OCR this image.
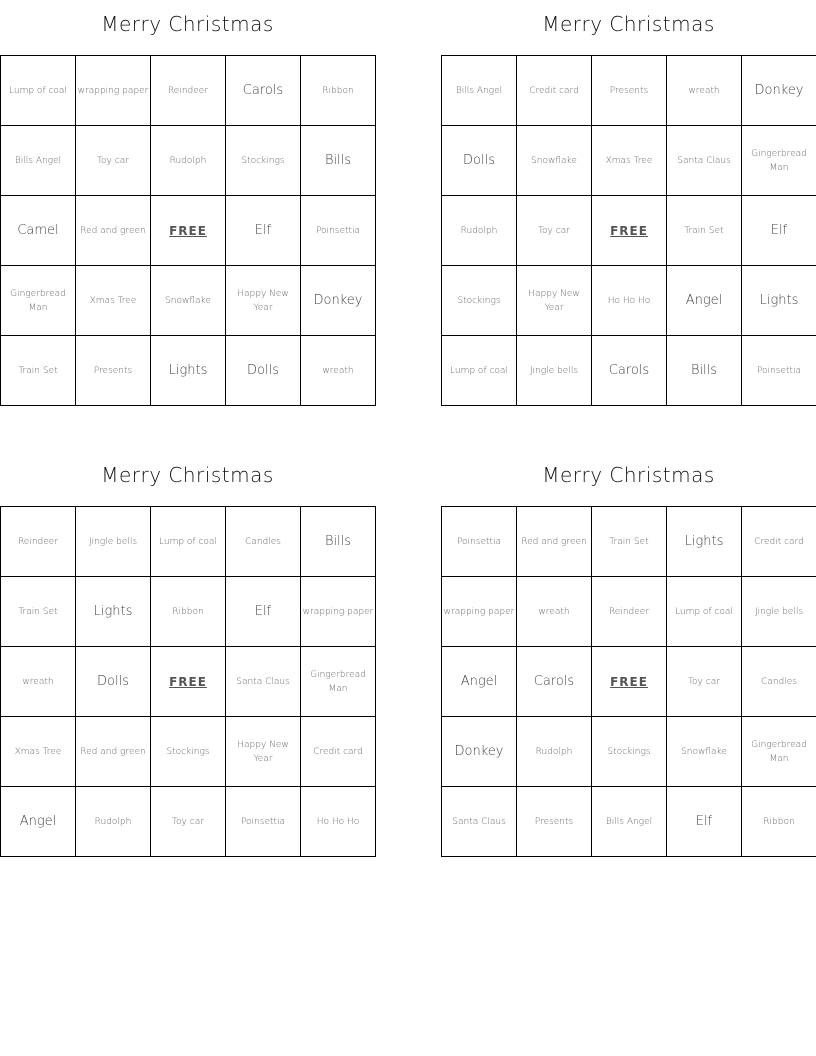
Merry Christmas
Lump of coal	wrapping paper	Reindeer	Carols	Ribbon
Bills Angel	Toy car	Rudolph	Stockings	Bills
Camel	Red and green	FREE	Elf	Poinsettia
Gingerbread Man	Xmas Tree	Snowflake	Happy New Year	Donkey
Train Set	Presents	Lights	Dolls	wreath
Merry Christmas
Bills Angel	Credit card	Presents	wreath	Donkey
Dolls	Snowflake	Xmas Tree	Santa Claus	Gingerbread Man
Rudolph	Toy car	FREE	Train Set	Elf
Stockings	Happy New Year	Ho Ho Ho	Angel	Lights
Lump of coal	Jingle bells	Carols	Bills	Poinsettia
Merry Christmas
Reindeer	Jingle bells	Lump of coal	Candles	Bills
Train Set	Lights	Ribbon	Elf	wrapping paper
wreath	Dolls	FREE	Santa Claus	Gingerbread Man
Xmas Tree	Red and green	Stockings	Happy New Year	Credit card
Angel	Rudolph	Toy car	Poinsettia	Ho Ho Ho
Merry Christmas
Poinsettia	Red and green	Train Set	Lights	Credit card
wrapping paper	wreath	Reindeer	Lump of coal	Jingle bells
Angel	Carols	FREE	Toy car	Candles
Donkey	Rudolph	Stockings	Snowflake	Gingerbread Man
Santa Claus	Presents	Bills Angel	Elf	Ribbon
